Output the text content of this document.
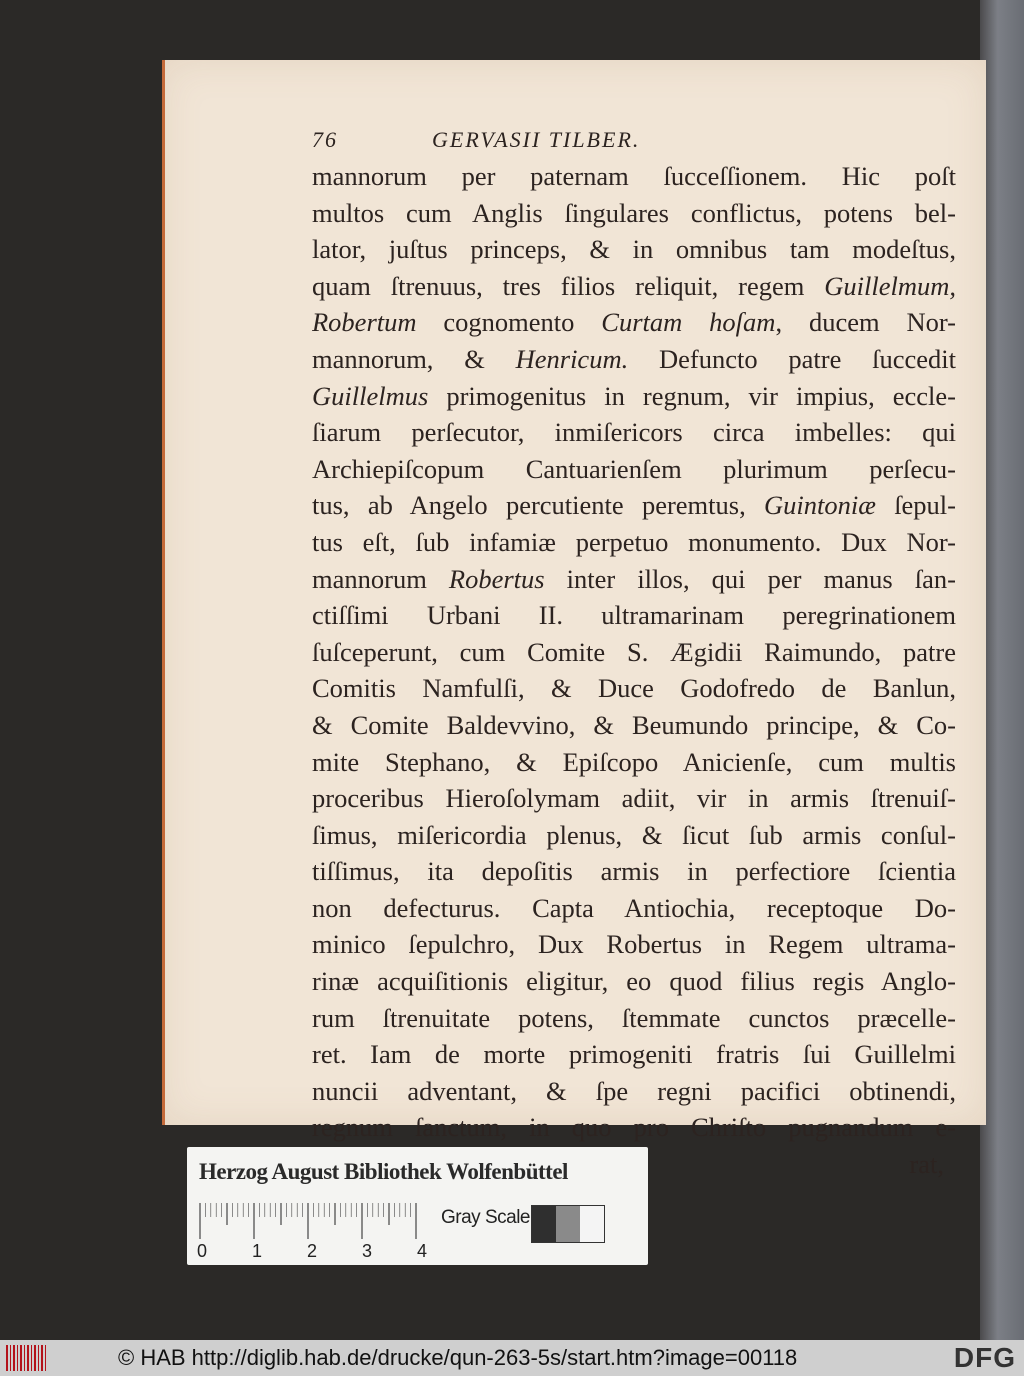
76	GERVASII TILBER.
mannorum per paternam ſucceſſionem. Hic poſt
multos cum Anglis ſingulares conflictus, potens bel-
lator, juſtus princeps, & in omnibus tam modeſtus,
quam ſtrenuus, tres filios reliquit, regem Guillelmum,
Robertum cognomento Curtam hoſam, ducem Nor-
mannorum, & Henricum. Defuncto patre ſuccedit
Guillelmus primogenitus in regnum, vir impius, eccle-
ſiarum perſecutor, inmiſericors circa imbelles: qui
Archiepiſcopum Cantuarienſem plurimum perſecu-
tus, ab Angelo percutiente peremtus, Guintoniæ ſepul-
tus eſt, ſub infamiæ perpetuo monumento. Dux Nor-
mannorum Robertus inter illos, qui per manus ſan-
ctiſſimi Urbani II. ultramarinam peregrinationem
ſuſceperunt, cum Comite S. Ægidii Raimundo, patre
Comitis Namfulſi, & Duce Godofredo de Banlun,
& Comite Baldevvino, & Beumundo principe, & Co-
mite Stephano, & Epiſcopo Anicienſe, cum multis
proceribus Hieroſolymam adiit, vir in armis ſtrenuiſ-
ſimus, miſericordia plenus, & ſicut ſub armis conſul-
tiſſimus, ita depoſitis armis in perfectiore ſcientia
non defecturus. Capta Antiochia, receptoque Do-
minico ſepulchro, Dux Robertus in Regem ultrama-
rinæ acquiſitionis eligitur, eo quod filius regis Anglo-
rum ſtrenuitate potens, ſtemmate cunctos præcelle-
ret. Iam de morte primogeniti fratris ſui Guillelmi
nuncii adventant, & ſpe regni pacifici obtinendi,
regnum ſanctum, in quo pro Chriſto pugnandum e-
rat,
Herzog August Bibliothek Wolfenbüttel
0 1 2 3 4
Gray Scale
© HAB http://diglib.hab.de/drucke/qun-263-5s/start.htm?image=00118	DFG
